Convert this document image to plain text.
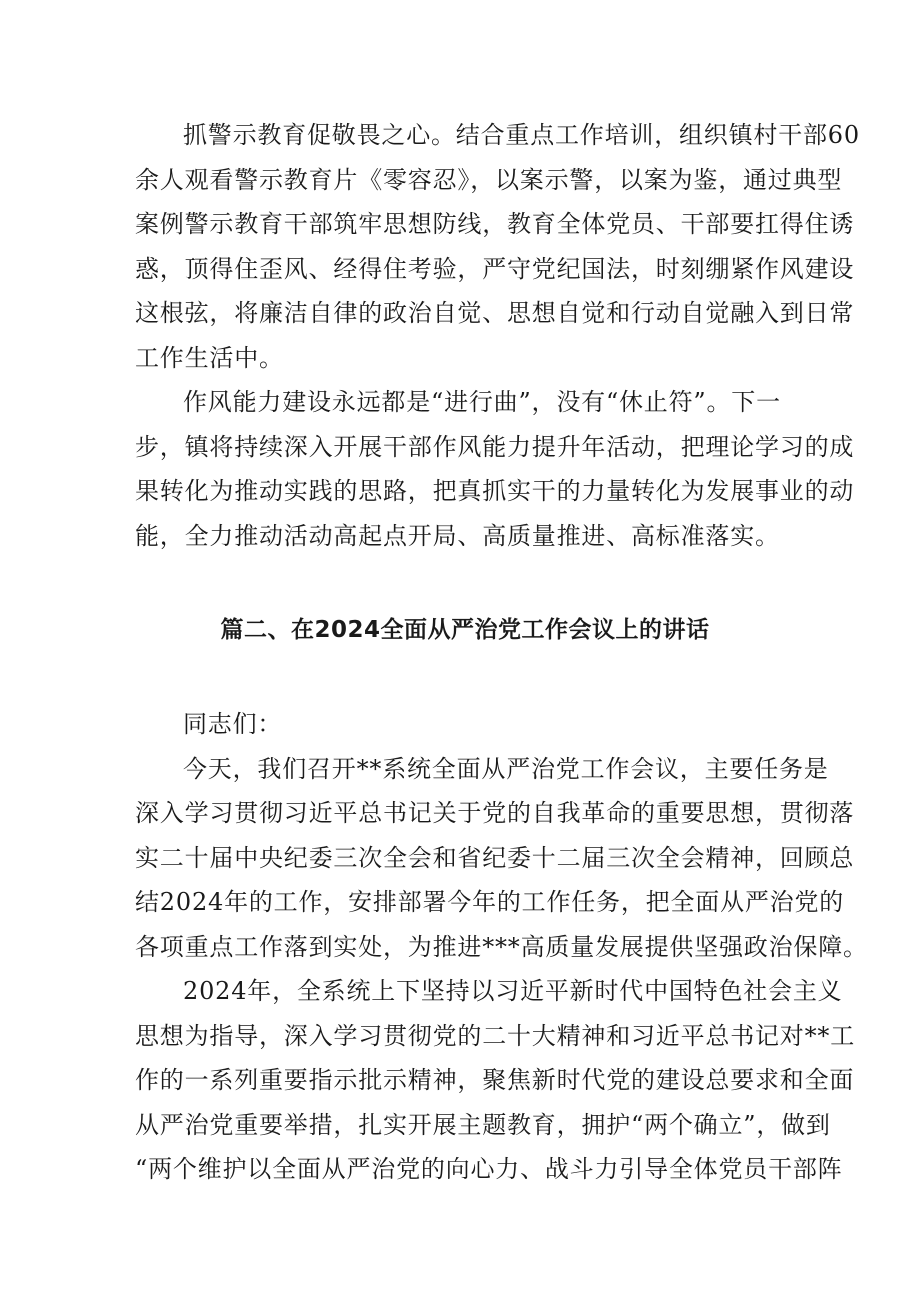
抓警示教育促敬畏之心。结合重点工作培训，组织镇村干部60
余人观看警示教育片《零容忍》，以案示警，以案为鉴，通过典型
案例警示教育干部筑牢思想防线，教育全体党员、干部要扛得住诱
惑，顶得住歪风、经得住考验，严守党纪国法，时刻绷紧作风建设
这根弦，将廉洁自律的政治自觉、思想自觉和行动自觉融入到日常
工作生活中。
作风能力建设永远都是“进行曲”，没有“休止符”。下一
步，镇将持续深入开展干部作风能力提升年活动，把理论学习的成
果转化为推动实践的思路，把真抓实干的力量转化为发展事业的动
能，全力推动活动高起点开局、高质量推进、高标准落实。
篇二、在2024全面从严治党工作会议上的讲话
同志们：
今天，我们召开**系统全面从严治党工作会议，主要任务是
深入学习贯彻习近平总书记关于党的自我革命的重要思想，贯彻落
实二十届中央纪委三次全会和省纪委十二届三次全会精神，回顾总
结2024年的工作，安排部署今年的工作任务，把全面从严治党的
各项重点工作落到实处，为推进***高质量发展提供坚强政治保障。
2024年，全系统上下坚持以习近平新时代中国特色社会主义
思想为指导，深入学习贯彻党的二十大精神和习近平总书记对**工
作的一系列重要指示批示精神，聚焦新时代党的建设总要求和全面
从严治党重要举措，扎实开展主题教育，拥护“两个确立”，做到
“两个维护以全面从严治党的向心力、战斗力引导全体党员干部阵
